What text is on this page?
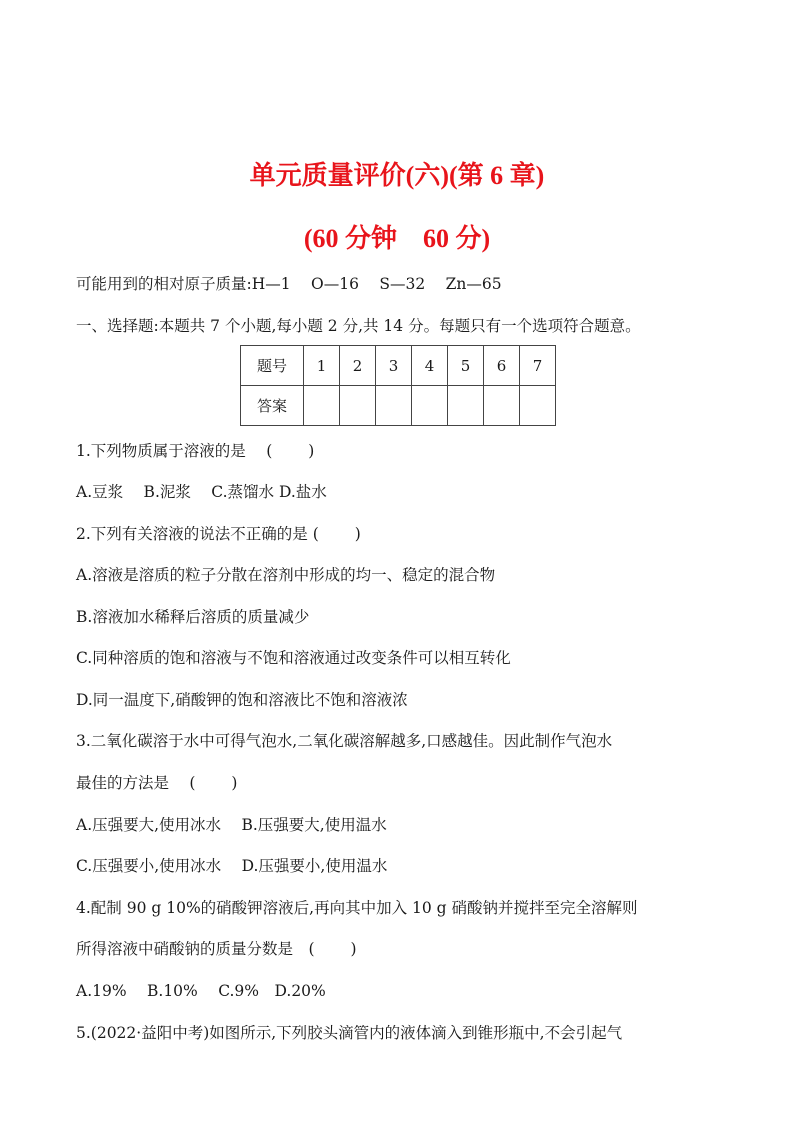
单元质量评价(六)(第 6 章)
(60 分钟　60 分)
可能用到的相对原子质量:H—1　 O—16　 S—32　 Zn—65
一、选择题:本题共 7 个小题,每小题 2 分,共 14 分。每题只有一个选项符合题意。
题号	1	2	3	4	5	6	7
答案							
1.下列物质属于溶液的是　 (　　 )
A.豆浆　 B.泥浆　 C.蒸馏水 D.盐水
2.下列有关溶液的说法不正确的是 (　　 )
A.溶液是溶质的粒子分散在溶剂中形成的均一、稳定的混合物
B.溶液加水稀释后溶质的质量减少
C.同种溶质的饱和溶液与不饱和溶液通过改变条件可以相互转化
D.同一温度下,硝酸钾的饱和溶液比不饱和溶液浓
3.二氧化碳溶于水中可得气泡水,二氧化碳溶解越多,口感越佳。因此制作气泡水
最佳的方法是　 (　　 )
A.压强要大,使用冰水　 B.压强要大,使用温水
C.压强要小,使用冰水　 D.压强要小,使用温水
4.配制 90 g 10%的硝酸钾溶液后,再向其中加入 10 g 硝酸钠并搅拌至完全溶解则
所得溶液中硝酸钠的质量分数是　(　　 )
A.19%　 B.10%　 C.9%　D.20%
5.(2022·益阳中考)如图所示,下列胶头滴管内的液体滴入到锥形瓶中,不会引起气
